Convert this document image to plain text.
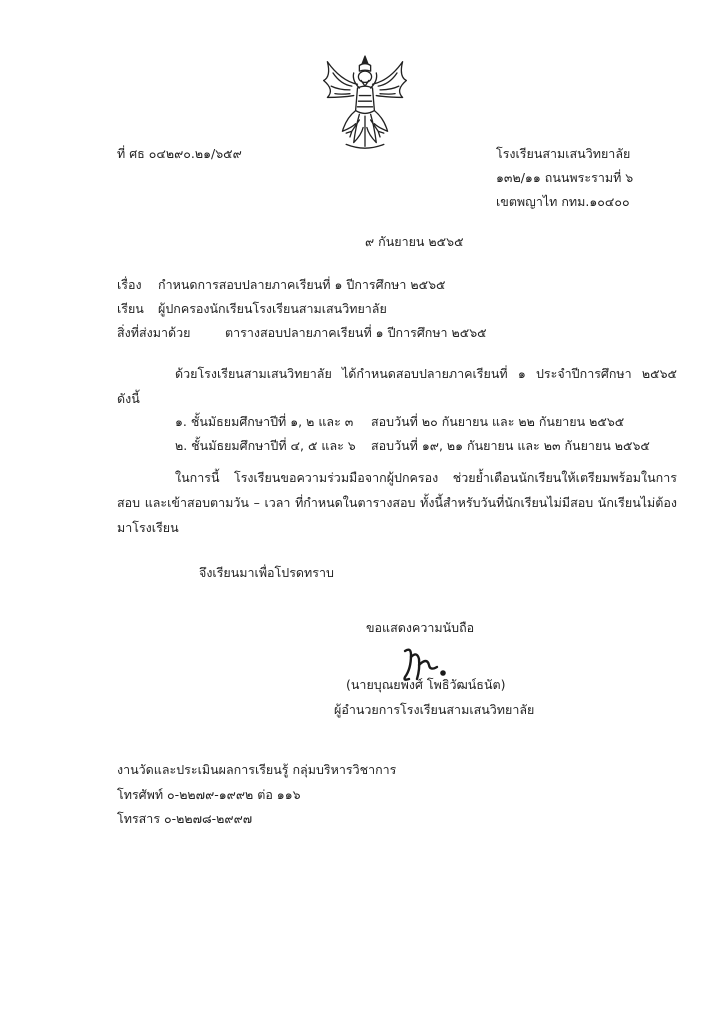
ที่ ศธ ๐๔๒๙๐.๒๑/๖๕๙	โรงเรียนสามเสนวิทยาลัย
๑๓๒/๑๑ ถนนพระรามที่ ๖
เขตพญาไท กทม.๑๐๔๐๐
๙ กันยายน ๒๕๖๕
เรื่อง กำหนดการสอบปลายภาคเรียนที่ ๑ ปีการศึกษา ๒๕๖๕
เรียน ผู้ปกครองนักเรียนโรงเรียนสามเสนวิทยาลัย
สิ่งที่ส่งมาด้วย	ตารางสอบปลายภาคเรียนที่ ๑ ปีการศึกษา ๒๕๖๕
ด้วยโรงเรียนสามเสนวิทยาลัย ได้กำหนดสอบปลายภาคเรียนที่ ๑ ประจำปีการศึกษา ๒๕๖๕ ดังนี้
๑. ชั้นมัธยมศึกษาปีที่ ๑, ๒ และ ๓ สอบวันที่ ๒๐ กันยายน และ ๒๒ กันยายน ๒๕๖๕
๒. ชั้นมัธยมศึกษาปีที่ ๔, ๕ และ ๖ สอบวันที่ ๑๙, ๒๑ กันยายน และ ๒๓ กันยายน ๒๕๖๕
ในการนี้ โรงเรียนขอความร่วมมือจากผู้ปกครอง ช่วยย้ำเตือนนักเรียนให้เตรียมพร้อมในการสอบ และเข้าสอบตามวัน – เวลา ที่กำหนดในตารางสอบ ทั้งนี้สำหรับวันที่นักเรียนไม่มีสอบ นักเรียนไม่ต้องมาโรงเรียน
จึงเรียนมาเพื่อโปรดทราบ
ขอแสดงความนับถือ
(นายบุณยพงศ์ โพธิวัฒน์ธนัต)
ผู้อำนวยการโรงเรียนสามเสนวิทยาลัย
งานวัดและประเมินผลการเรียนรู้ กลุ่มบริหารวิชาการ
โทรศัพท์ ๐-๒๒๗๙-๑๙๙๒ ต่อ ๑๑๖
โทรสาร ๐-๒๒๗๘-๒๙๙๗
